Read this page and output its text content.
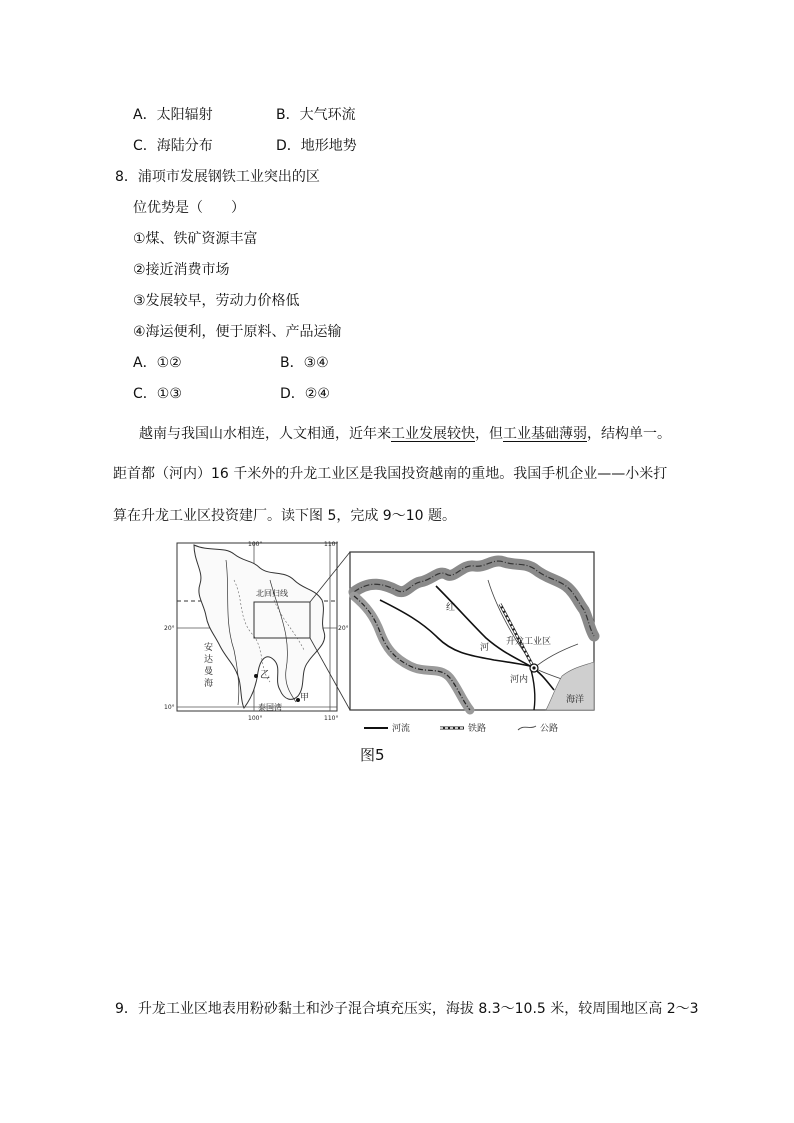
A．太阳辐射	B．大气环流
C．海陆分布	D．地形地势
8．浦项市发展钢铁工业突出的区
位优势是（　　）
①煤、铁矿资源丰富
②接近消费市场
③发展较早，劳动力价格低
④海运便利，便于原料、产品运输
A．①②	B．③④
C．①③	D．②④
越南与我国山水相连，人文相通，近年来工业发展较快，但工业基础薄弱，结构单一。
距首都（河内）16 千米外的升龙工业区是我国投资越南的重地。我国手机企业——小米打
算在升龙工业区投资建厂。读下图 5，完成 9～10 题。
100°	110°
20°	20°
10°
100°	110°
北回归线
安
达
曼
海
乙
甲
泰国湾
红
河
升龙工业区
河内
海洋
河流	铁路	公路
图5
9．升龙工业区地表用粉砂黏土和沙子混合填充压实，海拔 8.3～10.5 米，较周围地区高 2～3
